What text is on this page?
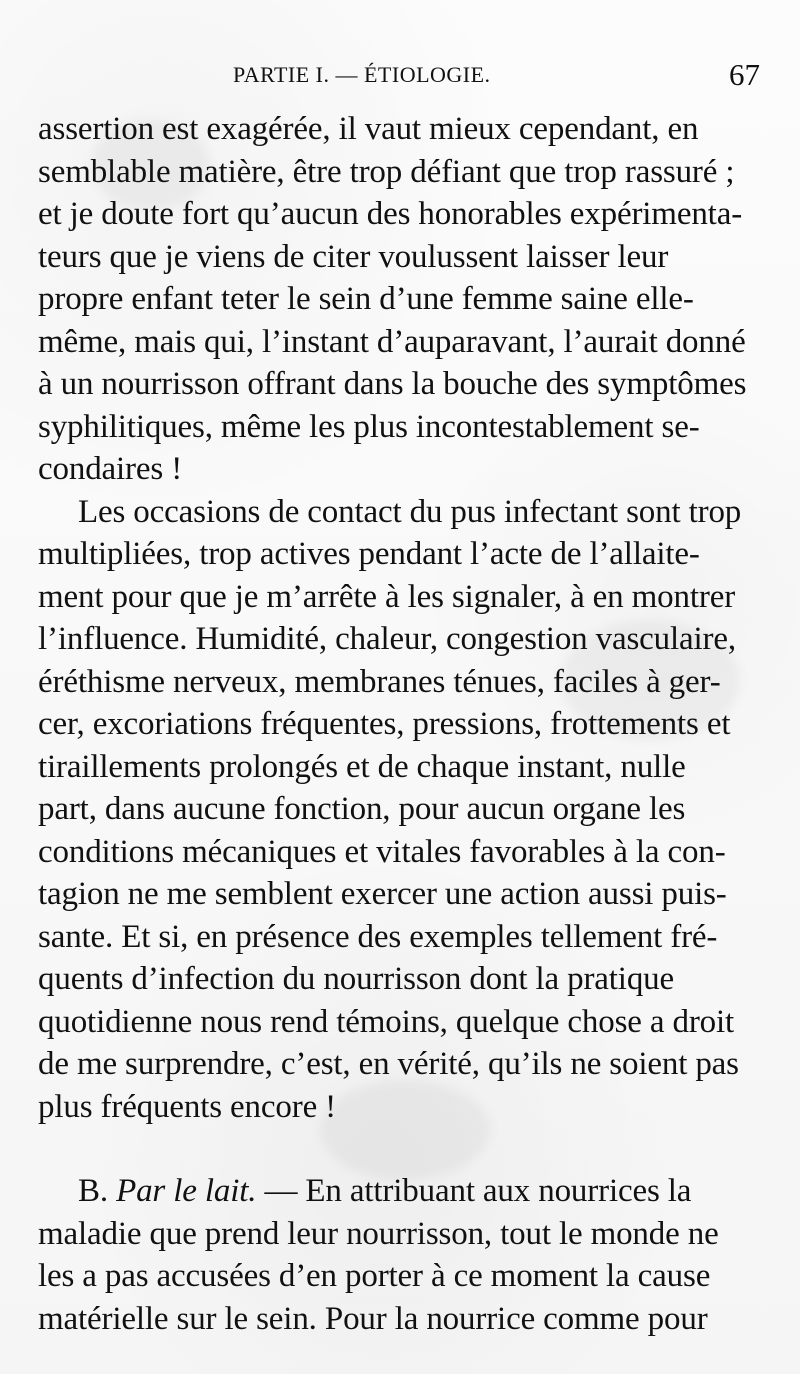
PARTIE I. — ÉTIOLOGIE.	67
assertion est exagérée, il vaut mieux cependant, en
semblable matière, être trop défiant que trop rassuré ;
et je doute fort qu’aucun des honorables expérimenta-
teurs que je viens de citer voulussent laisser leur
propre enfant teter le sein d’une femme saine elle-
même, mais qui, l’instant d’auparavant, l’aurait donné
à un nourrisson offrant dans la bouche des symptômes
syphilitiques, même les plus incontestablement se-
condaires !
Les occasions de contact du pus infectant sont trop
multipliées, trop actives pendant l’acte de l’allaite-
ment pour que je m’arrête à les signaler, à en montrer
l’influence. Humidité, chaleur, congestion vasculaire,
éréthisme nerveux, membranes ténues, faciles à ger-
cer, excoriations fréquentes, pressions, frottements et
tiraillements prolongés et de chaque instant, nulle
part, dans aucune fonction, pour aucun organe les
conditions mécaniques et vitales favorables à la con-
tagion ne me semblent exercer une action aussi puis-
sante. Et si, en présence des exemples tellement fré-
quents d’infection du nourrisson dont la pratique
quotidienne nous rend témoins, quelque chose a droit
de me surprendre, c’est, en vérité, qu’ils ne soient pas
plus fréquents encore !
B. Par le lait. — En attribuant aux nourrices la
maladie que prend leur nourrisson, tout le monde ne
les a pas accusées d’en porter à ce moment la cause
matérielle sur le sein. Pour la nourrice comme pour
